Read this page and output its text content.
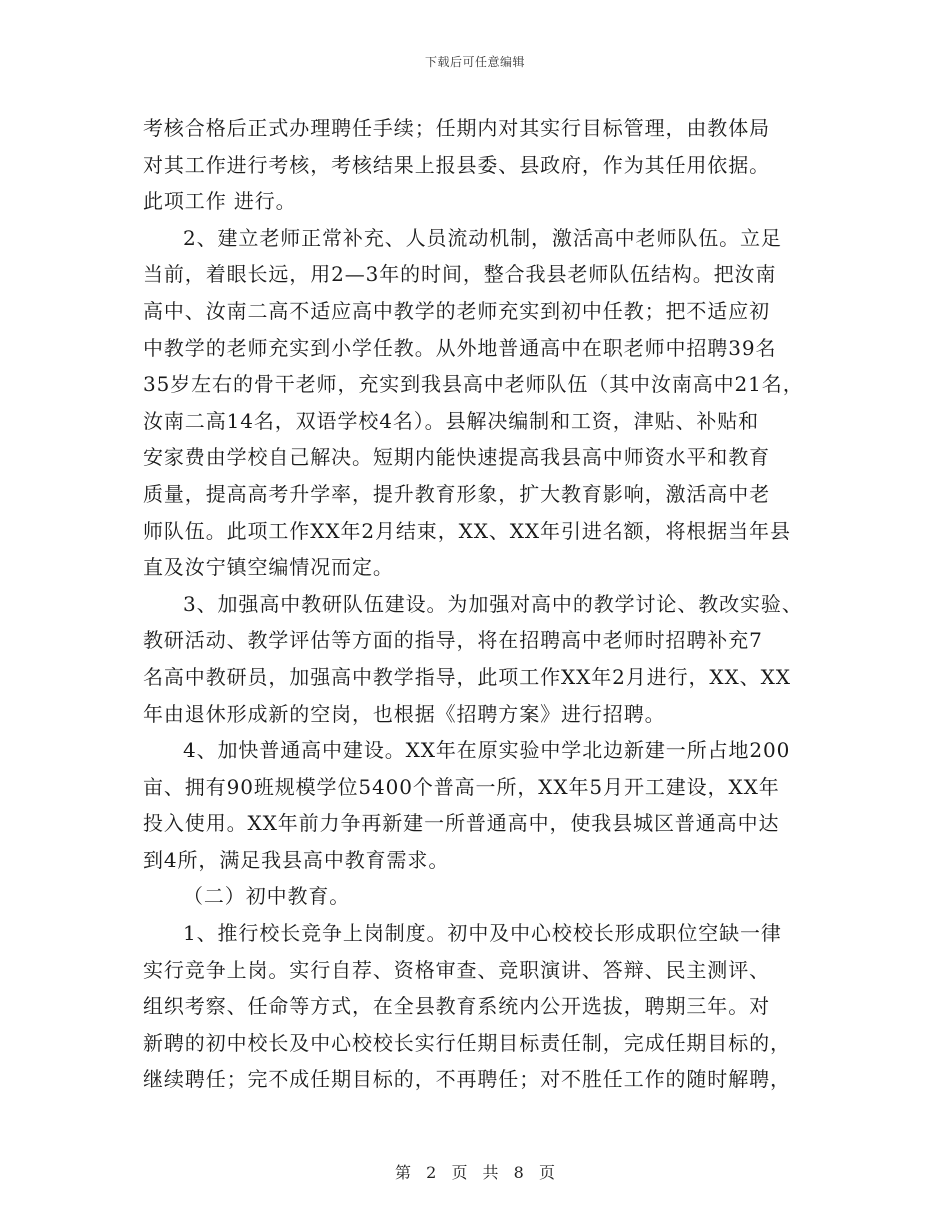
下载后可任意编辑
考核合格后正式办理聘任手续；任期内对其实行目标管理，由教体局
对其工作进行考核，考核结果上报县委、县政府，作为其任用依据。
此项工作 进行。
2、建立老师正常补充、人员流动机制，激活高中老师队伍。立足
当前，着眼长远，用2—3年的时间，整合我县老师队伍结构。把汝南
高中、汝南二高不适应高中教学的老师充实到初中任教；把不适应初
中教学的老师充实到小学任教。从外地普通高中在职老师中招聘39名
35岁左右的骨干老师，充实到我县高中老师队伍（其中汝南高中21名，
汝南二高14名，双语学校4名）。县解决编制和工资，津贴、补贴和
安家费由学校自己解决。短期内能快速提高我县高中师资水平和教育
质量，提高高考升学率，提升教育形象，扩大教育影响，激活高中老
师队伍。此项工作XX年2月结束，XX、XX年引进名额，将根据当年县
直及汝宁镇空编情况而定。
3、加强高中教研队伍建设。为加强对高中的教学讨论、教改实验、
教研活动、教学评估等方面的指导，将在招聘高中老师时招聘补充7
名高中教研员，加强高中教学指导，此项工作XX年2月进行，XX、XX
年由退休形成新的空岗，也根据《招聘方案》进行招聘。
4、加快普通高中建设。XX年在原实验中学北边新建一所占地200
亩、拥有90班规模学位5400个普高一所，XX年5月开工建设，XX年
投入使用。XX年前力争再新建一所普通高中，使我县城区普通高中达
到4所，满足我县高中教育需求。
（二）初中教育。
1、推行校长竞争上岗制度。初中及中心校校长形成职位空缺一律
实行竞争上岗。实行自荐、资格审查、竞职演讲、答辩、民主测评、
组织考察、任命等方式，在全县教育系统内公开选拔，聘期三年。对
新聘的初中校长及中心校校长实行任期目标责任制，完成任期目标的，
继续聘任；完不成任期目标的，不再聘任；对不胜任工作的随时解聘，
第 2 页 共 8 页
